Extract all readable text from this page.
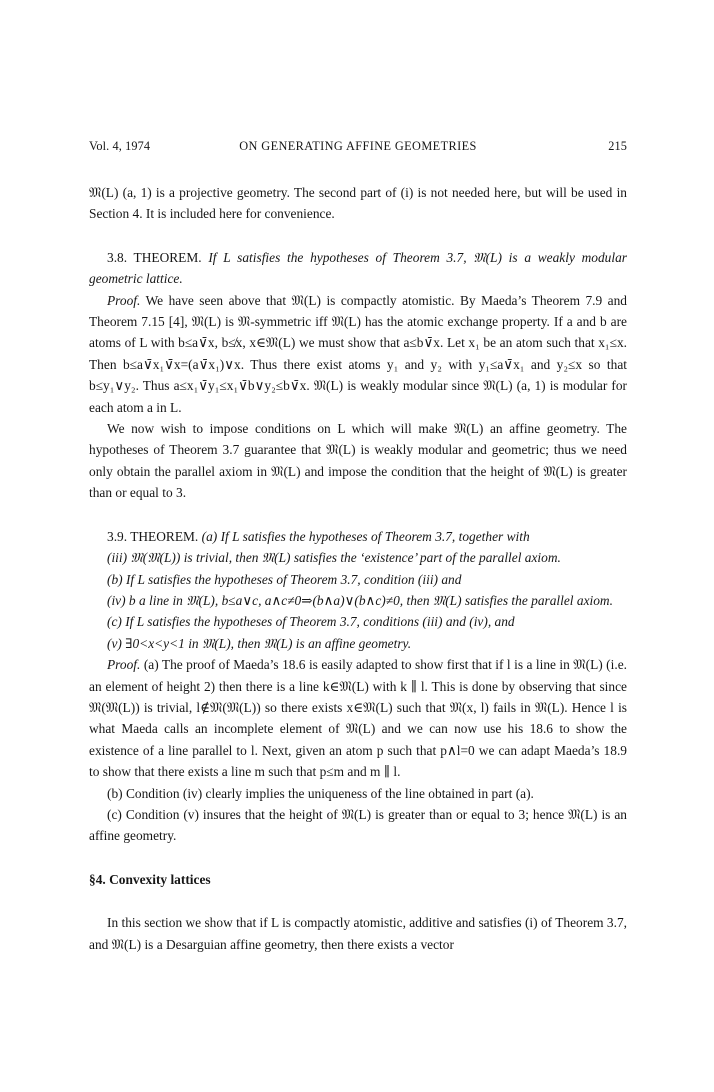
Vol. 4, 1974	ON GENERATING AFFINE GEOMETRIES	215

𝔐(L) (a, 1) is a projective geometry. The second part of (i) is not needed here, but will be used in Section 4. It is included here for convenience.

3.8. THEOREM. If L satisfies the hypotheses of Theorem 3.7, 𝔐(L) is a weakly modular geometric lattice.

Proof. We have seen above that 𝔐(L) is compactly atomistic. By Maeda’s Theorem 7.9 and Theorem 7.15 [4], 𝔐(L) is 𝔐-symmetric iff 𝔐(L) has the atomic exchange property. If a and b are atoms of L with b≤a∨̄x, b≰x, x∈𝔐(L) we must show that a≤b∨̄x. Let x₁ be an atom such that x₁≤x. Then b≤a∨̄x₁∨̄x=(a∨̄x₁)∨x. Thus there exist atoms y₁ and y₂ with y₁≤a∨̄x₁ and y₂≤x so that b≤y₁∨y₂. Thus a≤x₁∨̄y₁≤x₁∨̄b∨y₂≤b∨̄x. 𝔐(L) is weakly modular since 𝔐(L) (a, 1) is modular for each atom a in L.

We now wish to impose conditions on L which will make 𝔐(L) an affine geometry. The hypotheses of Theorem 3.7 guarantee that 𝔐(L) is weakly modular and geometric; thus we need only obtain the parallel axiom in 𝔐(L) and impose the condition that the height of 𝔐(L) is greater than or equal to 3.

3.9. THEOREM. (a) If L satisfies the hypotheses of Theorem 3.7, together with

(iii) 𝔐(𝔐(L)) is trivial, then 𝔐(L) satisfies the ‘existence’ part of the parallel axiom.

(b) If L satisfies the hypotheses of Theorem 3.7, condition (iii) and

(iv) b a line in 𝔐(L), b≤a∨c, a∧c≠0⇒(b∧a)∨(b∧c)≠0, then 𝔐(L) satisfies the parallel axiom.

(c) If L satisfies the hypotheses of Theorem 3.7, conditions (iii) and (iv), and

(v) ∃0<x<y<1 in 𝔐(L), then 𝔐(L) is an affine geometry.

Proof. (a) The proof of Maeda’s 18.6 is easily adapted to show first that if l is a line in 𝔐(L) (i.e. an element of height 2) then there is a line k∈𝔐(L) with k ∥ l. This is done by observing that since 𝔐(𝔐(L)) is trivial, l∉𝔐(𝔐(L)) so there exists x∈𝔐(L) such that 𝔐(x, l) fails in 𝔐(L). Hence l is what Maeda calls an incomplete element of 𝔐(L) and we can now use his 18.6 to show the existence of a line parallel to l. Next, given an atom p such that p∧l=0 we can adapt Maeda’s 18.9 to show that there exists a line m such that p≤m and m ∥ l.

(b) Condition (iv) clearly implies the uniqueness of the line obtained in part (a).

(c) Condition (v) insures that the height of 𝔐(L) is greater than or equal to 3; hence 𝔐(L) is an affine geometry.

§4. Convexity lattices

In this section we show that if L is compactly atomistic, additive and satisfies (i) of Theorem 3.7, and 𝔐(L) is a Desarguian affine geometry, then there exists a vector
